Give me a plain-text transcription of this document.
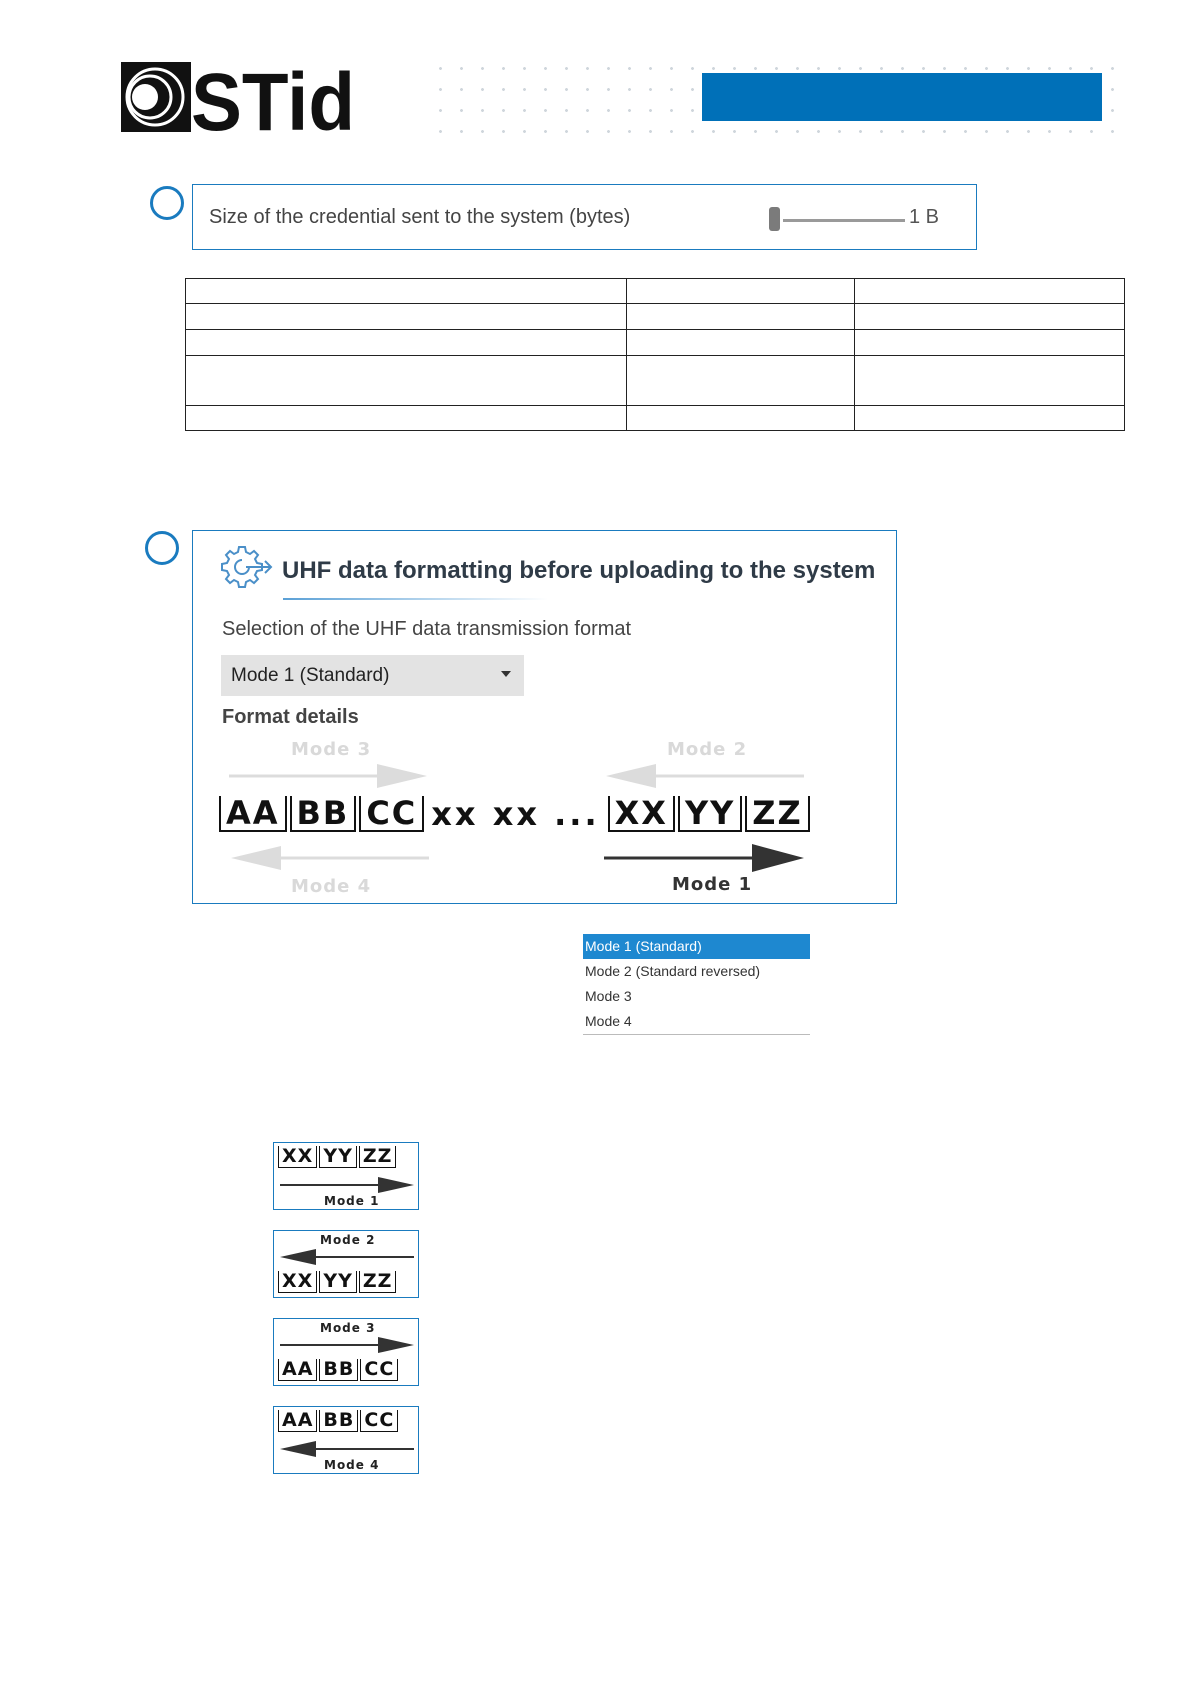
STid
Size of the credential sent to the system (bytes)	1 B

UHF data formatting before uploading to the system
Selection of the UHF data transmission format
Mode 1 (Standard)
Format details
Mode 3	Mode 2
AA BB CC xx xx ... XX YY ZZ
Mode 4	Mode 1
Mode 1 (Standard)
Mode 2 (Standard reversed)
Mode 3
Mode 4
XX YY ZZ
Mode 1
Mode 2
XX YY ZZ
Mode 3
AA BB CC
AA BB CC
Mode 4
